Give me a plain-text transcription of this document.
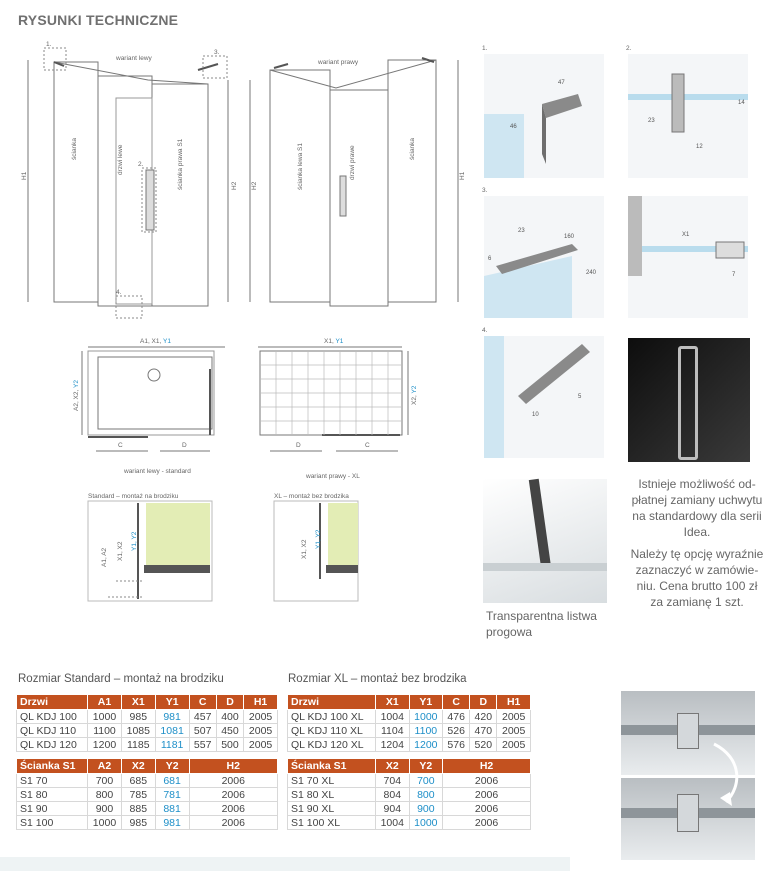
RYSUNKI TECHNICZNE
1.
3.
2.
4.
wariant lewy
wariant prawy
H1
H2 H2
H1
ścianka	drzwi lewe	ścianka prawa S1	ścianka lewa S1	drzwi prawe	ścianka
A1, X1, Y1
A2, X2, Y2
C	D
wariant lewy - standard
X1, Y1
X2, Y2
D	C
wariant prawy - XL
Standard – montaż na brodziku	XL – montaż bez brodzika
A1, A2 X1, X2
Y1, Y2	X1, X2
Y1, Y2
1.
47
46
2.
14
23
12
3.
160
23
6
240
X1
7
4.
5
10
Transparentna listwa
progowa
Istnieje możliwość od-
płatnej zamiany uchwytu
na standardowy dla serii
Idea.
Należy tę opcję wyraźnie
zaznaczyć w zamówie-
niu. Cena brutto 100 zł
za zamianę 1 szt.
Rozmiar Standard – montaż na brodziku
Drzwi	A1	X1	Y1	C	D	H1
QL KDJ 100	1000	985	981	457	400	2005
QL KDJ 110	1100	1085	1081	507	450	2005
QL KDJ 120	1200	1185	1181	557	500	2005

Ścianka S1	A2	X2	Y2	H2		
S1 70	700	685	681	2006		
S1 80	800	785	781	2006		
S1 90	900	885	881	2006		
S1 100	1000	985	981	2006		
Rozmiar XL – montaż bez brodzika
Drzwi	X1	Y1	C	D	H1
QL KDJ 100 XL	1004	1000	476	420	2005
QL KDJ 110 XL	1104	1100	526	470	2005
QL KDJ 120 XL	1204	1200	576	520	2005

Ścianka S1	X2	Y2	H2		
S1 70 XL	704	700	2006		
S1 80 XL	804	800	2006		
S1 90 XL	904	900	2006		
S1 100 XL	1004	1000	2006		
